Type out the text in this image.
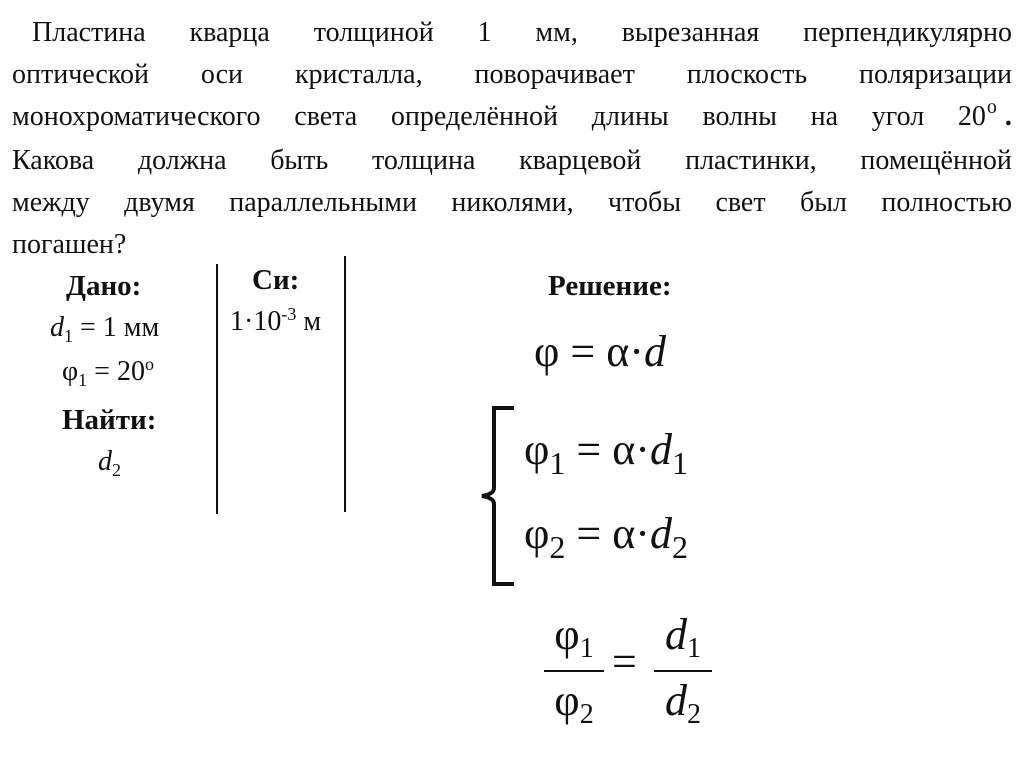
Пластина кварца толщиной 1 мм, вырезанная перпендикулярно
оптической оси кристалла, поворачивает плоскость поляризации
монохроматического света определённой длины волны на угол 20o .
Какова должна быть толщина кварцевой пластинки, помещённой
между двумя параллельными николями, чтобы свет был полностью
погашен?
Дано:
$d_1 = 1$ мм
$\varphi_1 = 20^o$
Найти:
$d_2$
Си:
$1\cdot 10^{-3}$ м
Решение:
φ = α·d
$\varphi_1 = \alpha\cdot d_1$
$\varphi_2 = \alpha\cdot d_2$
φ1
φ2
=
d1
d2
